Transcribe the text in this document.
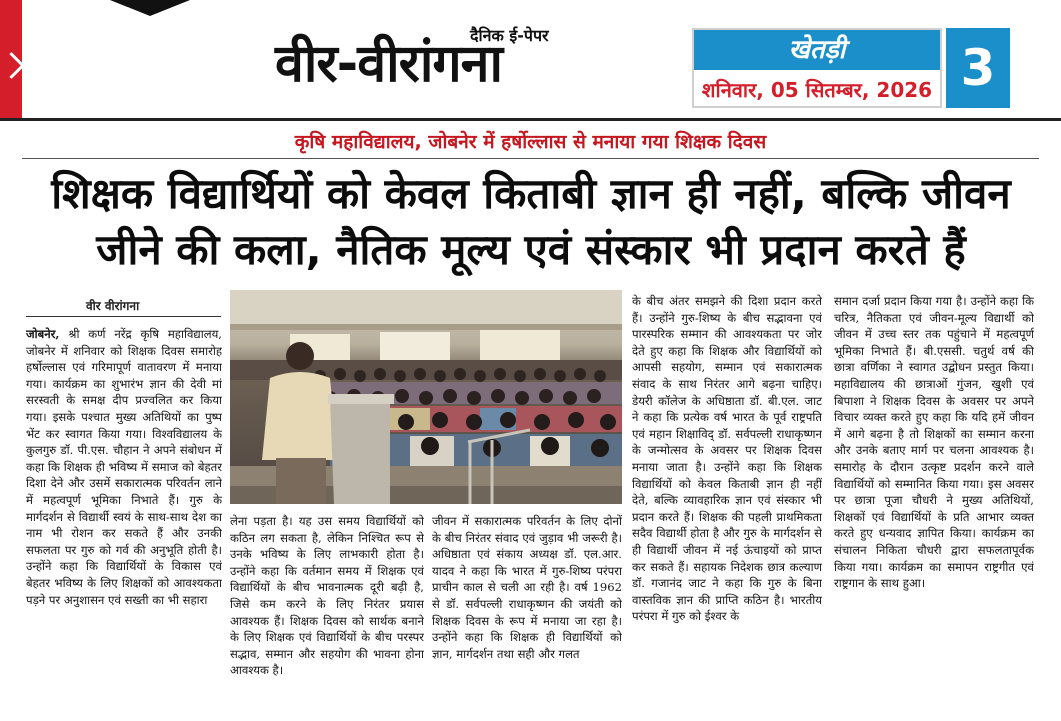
दैनिक ई-पेपर
वीर-वीरांगना	खेतड़ी
शनिवार, 05 सितम्बर, 2026 3
कृषि महाविद्यालय, जोबनेर में हर्षोल्लास से मनाया गया शिक्षक दिवस
शिक्षक विद्यार्थियों को केवल किताबी ज्ञान ही नहीं, बल्कि जीवन जीने की कला, नैतिक मूल्य एवं संस्कार भी प्रदान करते हैं
वीर वीरांगना
जोबनेर, श्री कर्ण नरेंद्र कृषि महाविद्यालय, जोबनेर में शनिवार को शिक्षक दिवस समारोह हर्षोल्लास एवं गरिमापूर्ण वातावरण में मनाया गया। कार्यक्रम का शुभारंभ ज्ञान की देवी मां सरस्वती के समक्ष दीप प्रज्वलित कर किया गया। इसके पश्चात मुख्य अतिथियों का पुष्प भेंट कर स्वागत किया गया। विश्वविद्यालय के कुलगुरु डॉ. पी.एस. चौहान ने अपने संबोधन में कहा कि शिक्षक ही भविष्य में समाज को बेहतर दिशा देने और उसमें सकारात्मक परिवर्तन लाने में महत्वपूर्ण भूमिका निभाते हैं। गुरु के मार्गदर्शन से विद्यार्थी स्वयं के साथ-साथ देश का नाम भी रोशन कर सकते हैं और उनकी सफलता पर गुरु को गर्व की अनुभूति होती है। उन्होंने कहा कि विद्यार्थियों के विकास एवं बेहतर भविष्य के लिए शिक्षकों को आवश्यकता पड़ने पर अनुशासन एवं सख्ती का भी सहारा
लेना पड़ता है। यह उस समय विद्यार्थियों को कठिन लग सकता है, लेकिन निश्चित रूप से उनके भविष्य के लिए लाभकारी होता है। उन्होंने कहा कि वर्तमान समय में शिक्षक एवं विद्यार्थियों के बीच भावनात्मक दूरी बढ़ी है, जिसे कम करने के लिए निरंतर प्रयास आवश्यक हैं। शिक्षक दिवस को सार्थक बनाने के लिए शिक्षक एवं विद्यार्थियों के बीच परस्पर सद्भाव, सम्मान और सहयोग की भावना होना आवश्यक है।
जीवन में सकारात्मक परिवर्तन के लिए दोनों के बीच निरंतर संवाद एवं जुड़ाव भी जरूरी है। अधिष्ठाता एवं संकाय अध्यक्ष डॉ. एल.आर. यादव ने कहा कि भारत में गुरु-शिष्य परंपरा प्राचीन काल से चली आ रही है। वर्ष 1962 से डॉ. सर्वपल्ली राधाकृष्णन की जयंती को शिक्षक दिवस के रूप में मनाया जा रहा है। उन्होंने कहा कि शिक्षक ही विद्यार्थियों को ज्ञान, मार्गदर्शन तथा सही और गलत
के बीच अंतर समझने की दिशा प्रदान करते हैं। उन्होंने गुरु-शिष्य के बीच सद्भावना एवं पारस्परिक सम्मान की आवश्यकता पर जोर देते हुए कहा कि शिक्षक और विद्यार्थियों को आपसी सहयोग, सम्मान एवं सकारात्मक संवाद के साथ निरंतर आगे बढ़ना चाहिए। डेयरी कॉलेज के अधिष्ठाता डॉ. बी.एल. जाट ने कहा कि प्रत्येक वर्ष भारत के पूर्व राष्ट्रपति एवं महान शिक्षाविद् डॉ. सर्वपल्ली राधाकृष्णन के जन्मोत्सव के अवसर पर शिक्षक दिवस मनाया जाता है। उन्होंने कहा कि शिक्षक विद्यार्थियों को केवल किताबी ज्ञान ही नहीं देते, बल्कि व्यावहारिक ज्ञान एवं संस्कार भी प्रदान करते हैं। शिक्षक की पहली प्राथमिकता सदैव विद्यार्थी होता है और गुरु के मार्गदर्शन से ही विद्यार्थी जीवन में नई ऊंचाइयों को प्राप्त कर सकते हैं। सहायक निदेशक छात्र कल्याण डॉ. गजानंद जाट ने कहा कि गुरु के बिना वास्तविक ज्ञान की प्राप्ति कठिन है। भारतीय परंपरा में गुरु को ईश्वर के
समान दर्जा प्रदान किया गया है। उन्होंने कहा कि चरित्र, नैतिकता एवं जीवन-मूल्य विद्यार्थी को जीवन में उच्च स्तर तक पहुंचाने में महत्वपूर्ण भूमिका निभाते हैं। बी.एससी. चतुर्थ वर्ष की छात्रा वर्णिका ने स्वागत उद्बोधन प्रस्तुत किया। महाविद्यालय की छात्राओं गुंजन, खुशी एवं बिपाशा ने शिक्षक दिवस के अवसर पर अपने विचार व्यक्त करते हुए कहा कि यदि हमें जीवन में आगे बढ़ना है तो शिक्षकों का सम्मान करना और उनके बताए मार्ग पर चलना आवश्यक है। समारोह के दौरान उत्कृष्ट प्रदर्शन करने वाले विद्यार्थियों को सम्मानित किया गया। इस अवसर पर छात्रा पूजा चौधरी ने मुख्य अतिथियों, शिक्षकों एवं विद्यार्थियों के प्रति आभार व्यक्त करते हुए धन्यवाद ज्ञापित किया। कार्यक्रम का संचालन निकिता चौधरी द्वारा सफलतापूर्वक किया गया। कार्यक्रम का समापन राष्ट्रगीत एवं राष्ट्रगान के साथ हुआ।
